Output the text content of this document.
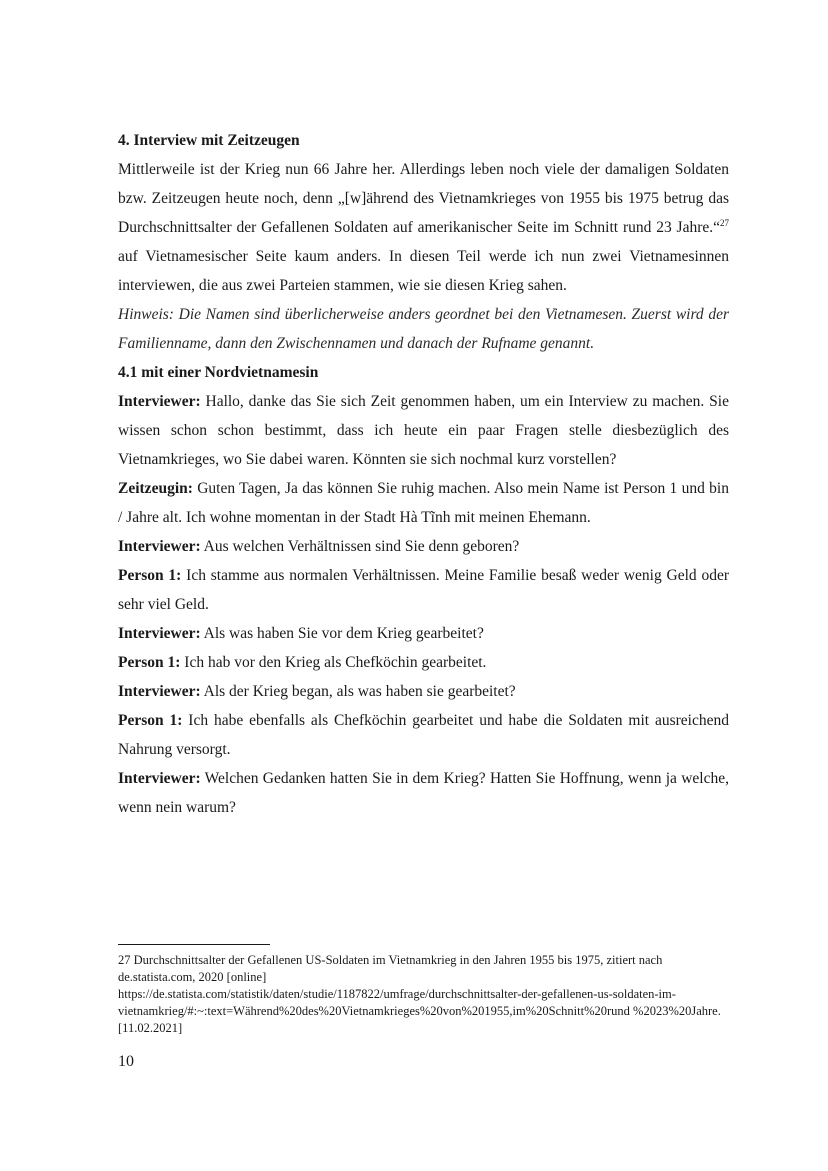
4. Interview mit Zeitzeugen

Mittlerweile ist der Krieg nun 66 Jahre her. Allerdings leben noch viele der damaligen Soldaten bzw. Zeitzeugen heute noch, denn „[w]ährend des Vietnamkrieges von 1955 bis 1975 betrug das Durchschnittsalter der Gefallenen Soldaten auf amerikanischer Seite im Schnitt rund 23 Jahre.“$^{27}$ auf Vietnamesischer Seite kaum anders. In diesen Teil werde ich nun zwei Vietnamesinnen interviewen, die aus zwei Parteien stammen, wie sie diesen Krieg sahen.

Hinweis: Die Namen sind überlicherweise anders geordnet bei den Vietnamesen. Zuerst wird der Familienname, dann den Zwischennamen und danach der Rufname genannt.

4.1 mit einer Nordvietnamesin

Interviewer: Hallo, danke das Sie sich Zeit genommen haben, um ein Interview zu machen. Sie wissen schon schon bestimmt, dass ich heute ein paar Fragen stelle diesbezüglich des Vietnamkrieges, wo Sie dabei waren. Könnten sie sich nochmal kurz vorstellen?

Zeitzeugin: Guten Tagen, Ja das können Sie ruhig machen. Also mein Name ist Person 1 und bin / Jahre alt. Ich wohne momentan in der Stadt Hà Tĩnh mit meinen Ehemann.

Interviewer: Aus welchen Verhältnissen sind Sie denn geboren?

Person 1: Ich stamme aus normalen Verhältnissen. Meine Familie besaß weder wenig Geld oder sehr viel Geld.

Interviewer: Als was haben Sie vor dem Krieg gearbeitet?

Person 1: Ich hab vor den Krieg als Chefköchin gearbeitet.

Interviewer: Als der Krieg began, als was haben sie gearbeitet?

Person 1: Ich habe ebenfalls als Chefköchin gearbeitet und habe die Soldaten mit ausreichend Nahrung versorgt.

Interviewer: Welchen Gedanken hatten Sie in dem Krieg? Hatten Sie Hoffnung, wenn ja welche, wenn nein warum?

27 Durchschnittsalter der Gefallenen US-Soldaten im Vietnamkrieg in den Jahren 1955 bis 1975, zitiert nach de.statista.com, 2020 [online]
https://de.statista.com/statistik/daten/studie/1187822/umfrage/durchschnittsalter-der-gefallenen-us-soldaten-im-vietnamkrieg/#:~:text=Während%20des%20Vietnamkrieges%20von%201955,im%20Schnitt%20rund %2023%20Jahre. [11.02.2021]
10
